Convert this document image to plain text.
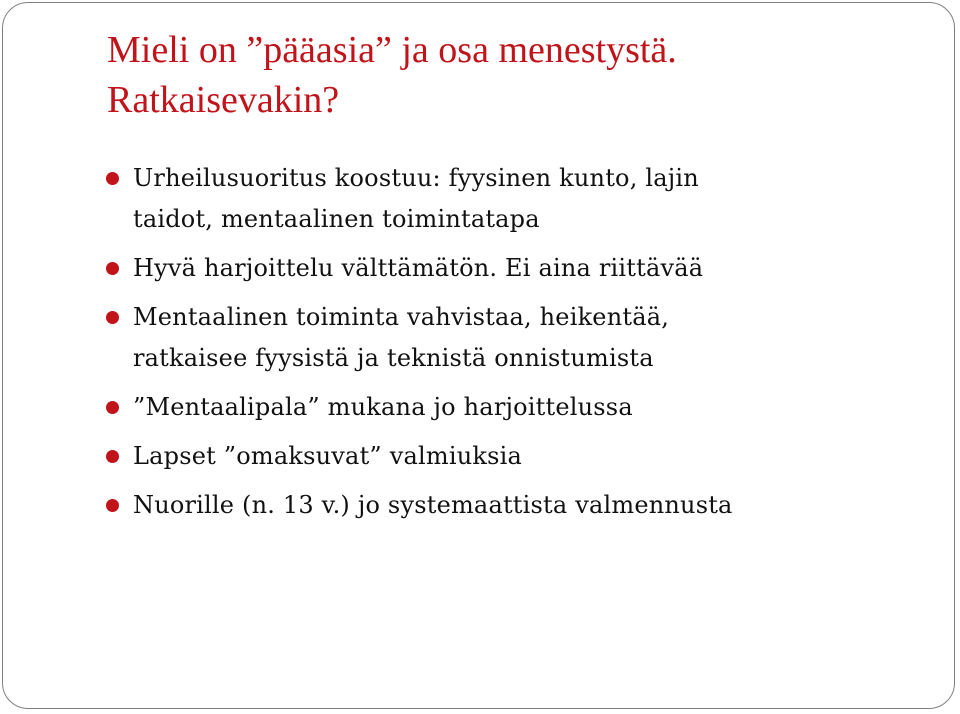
Mieli on ”pääasia” ja osa menestystä.
Ratkaisevakin?
Urheilusuoritus koostuu: fyysinen kunto, lajin
taidot, mentaalinen toimintatapa
Hyvä harjoittelu välttämätön. Ei aina riittävää
Mentaalinen toiminta vahvistaa, heikentää,
ratkaisee fyysistä ja teknistä onnistumista
”Mentaalipala” mukana jo harjoittelussa
Lapset ”omaksuvat” valmiuksia
Nuorille (n. 13 v.) jo systemaattista valmennusta
